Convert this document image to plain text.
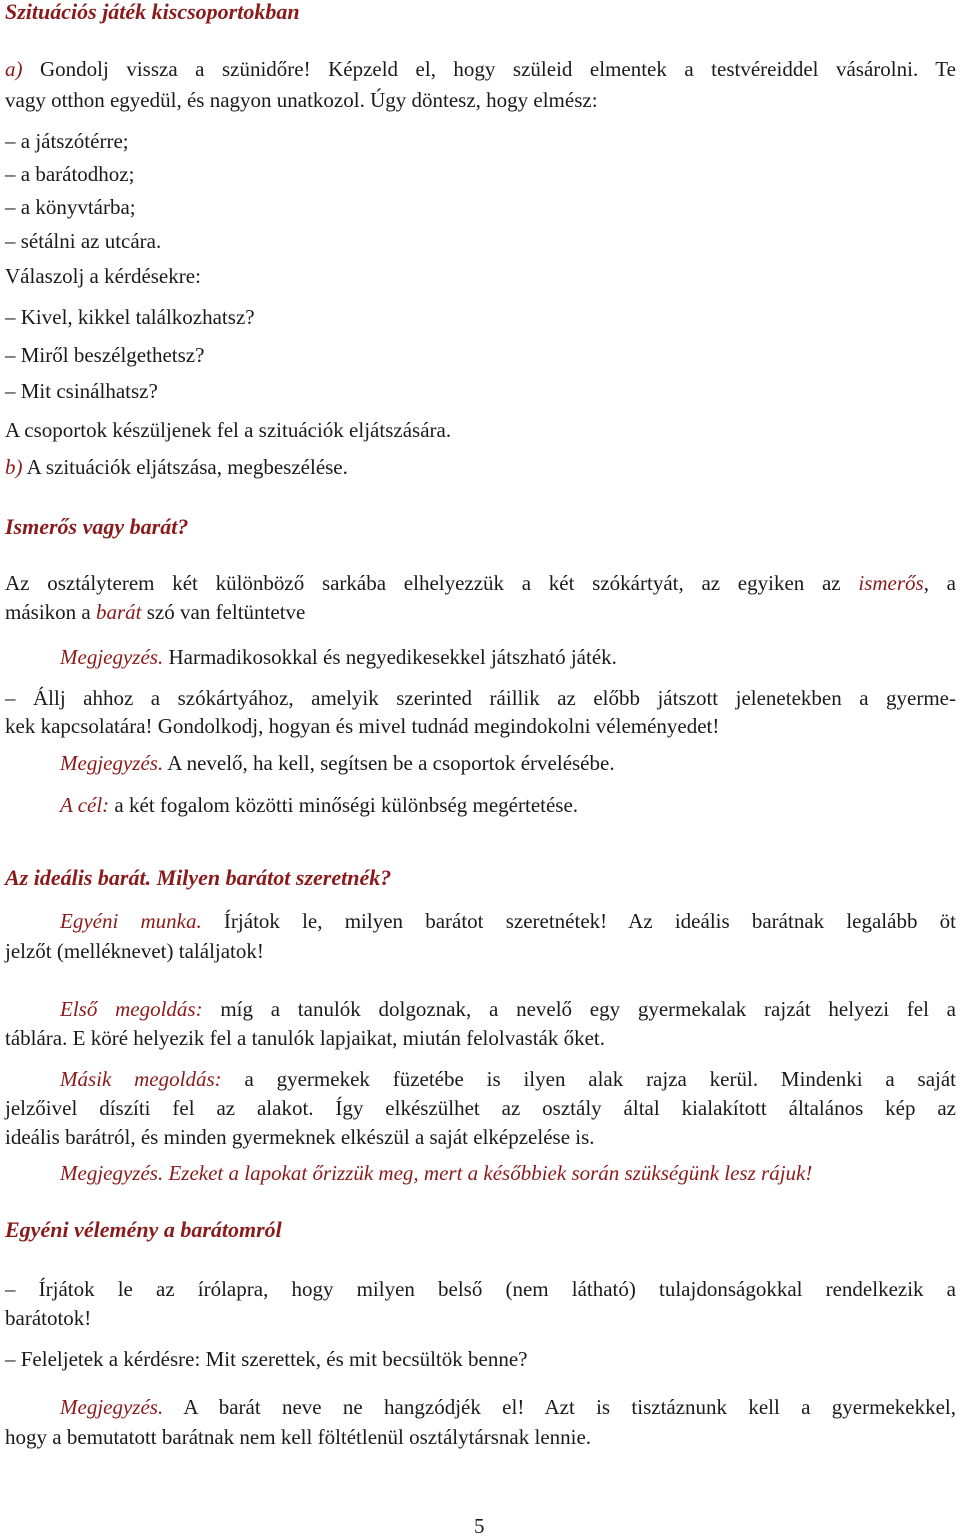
Szituációs játék kiscsoportokban
a) Gondolj vissza a szünidőre! Képzeld el, hogy szüleid elmentek a testvéreiddel vásárolni. Te
vagy otthon egyedül, és nagyon unatkozol. Úgy döntesz, hogy elmész:
– a játszótérre;
– a barátodhoz;
– a könyvtárba;
– sétálni az utcára.
Válaszolj a kérdésekre:
– Kivel, kikkel találkozhatsz?
– Miről beszélgethetsz?
– Mit csinálhatsz?
A csoportok készüljenek fel a szituációk eljátszására.
b) A szituációk eljátszása, megbeszélése.
Ismerős vagy barát?
Az osztályterem két különböző sarkába elhelyezzük a két szókártyát, az egyiken az ismerős, a
másikon a barát szó van feltüntetve
Megjegyzés. Harmadikosokkal és negyedikesekkel játszható játék.
– Állj ahhoz a szókártyához, amelyik szerinted ráillik az előbb játszott jelenetekben a gyerme-
kek kapcsolatára! Gondolkodj, hogyan és mivel tudnád megindokolni véleményedet!
Megjegyzés. A nevelő, ha kell, segítsen be a csoportok érvelésébe.
A cél: a két fogalom közötti minőségi különbség megértetése.
Az ideális barát. Milyen barátot szeretnék?
Egyéni munka. Írjátok le, milyen barátot szeretnétek! Az ideális barátnak legalább öt
jelzőt (melléknevet) találjatok!
Első megoldás: míg a tanulók dolgoznak, a nevelő egy gyermekalak rajzát helyezi fel a
táblára. E köré helyezik fel a tanulók lapjaikat, miután felolvasták őket.
Másik megoldás: a gyermekek füzetébe is ilyen alak rajza kerül. Mindenki a saját
jelzőivel díszíti fel az alakot. Így elkészülhet az osztály által kialakított általános kép az
ideális barátról, és minden gyermeknek elkészül a saját elképzelése is.
Megjegyzés. Ezeket a lapokat őrizzük meg, mert a későbbiek során szükségünk lesz rájuk!
Egyéni vélemény a barátomról
– Írjátok le az írólapra, hogy milyen belső (nem látható) tulajdonságokkal rendelkezik a
barátotok!
– Feleljetek a kérdésre: Mit szerettek, és mit becsültök benne?
Megjegyzés. A barát neve ne hangzódjék el! Azt is tisztáznunk kell a gyermekekkel,
hogy a bemutatott barátnak nem kell föltétlenül osztálytársnak lennie.
5
